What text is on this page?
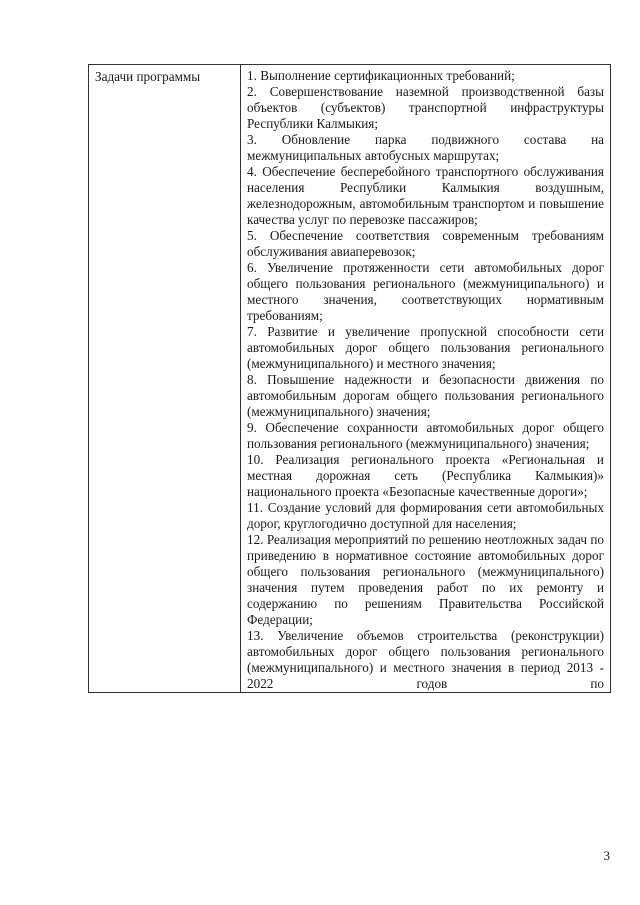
Задачи программы	1. Выполнение сертификационных требований;

2. Совершенствование наземной производственной базы объектов (субъектов) транспортной инфраструктуры Республики Калмыкия;

3. Обновление парка подвижного состава на межмуниципальных автобусных маршрутах;

4. Обеспечение бесперебойного транспортного обслуживания населения Республики Калмыкия воздушным, железнодорожным, автомобильным транспортом и повышение качества услуг по перевозке пассажиров;

5. Обеспечение соответствия современным требованиям обслуживания авиаперевозок;

6. Увеличение протяженности сети автомобильных дорог общего пользования регионального (межмуниципального) и местного значения, соответствующих нормативным требованиям;

7. Развитие и увеличение пропускной способности сети автомобильных дорог общего пользования регионального (межмуниципального) и местного значения;

8. Повышение надежности и безопасности движения по автомобильным дорогам общего пользования регионального (межмуниципального) значения;

9. Обеспечение сохранности автомобильных дорог общего пользования регионального (межмуниципального) значения;

10. Реализация регионального проекта «Региональная и местная дорожная сеть (Республика Калмыкия)» национального проекта «Безопасные качественные дороги»;

11. Создание условий для формирования сети автомобильных дорог, круглогодично доступной для населения;

12. Реализация мероприятий по решению неотложных задач по приведению в нормативное состояние автомобильных дорог общего пользования регионального (межмуниципального) значения путем проведения работ по их ремонту и содержанию по решениям Правительства Российской Федерации;

13. Увеличение объемов строительства (реконструкции) автомобильных дорог общего пользования регионального (межмуниципального) и местного значения в период 2013 - 2022 годов по

3
